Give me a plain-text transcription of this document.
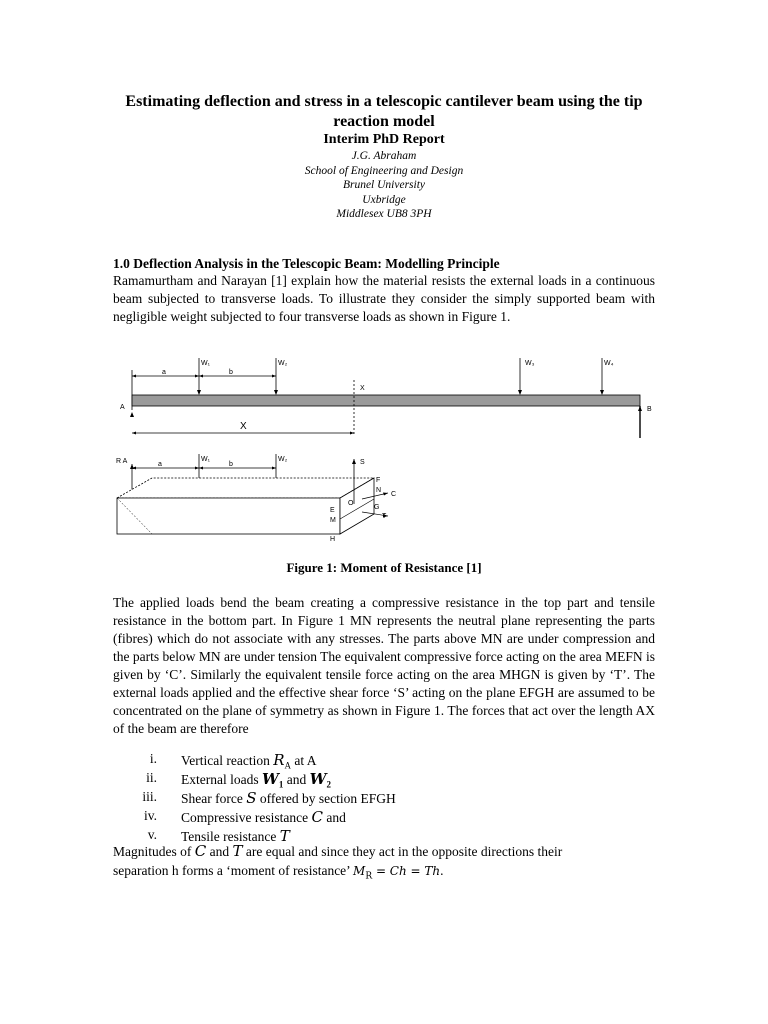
Estimating deflection and stress in a telescopic cantilever beam using the tip reaction model
Interim PhD Report
J.G. Abraham
School of Engineering and Design
Brunel University
Uxbridge
Middlesex UB8 3PH
1.0 Deflection Analysis in the Telescopic Beam: Modelling Principle
Ramamurtham and Narayan [1] explain how the material resists the external loads in a continuous beam subjected to transverse loads. To illustrate they consider the simply supported beam with negligible weight subjected to four transverse loads as shown in Figure 1.
a	b
W₁	W₂	W₃	W₄
X
A	B
X
R A	a	b
W₁	W₂	S
F
N
C
O
G
T
E
M
H
Figure 1: Moment of Resistance [1]
The applied loads bend the beam creating a compressive resistance in the top part and tensile resistance in the bottom part. In Figure 1 MN represents the neutral plane representing the parts (fibres) which do not associate with any stresses. The parts above MN are under compression and the parts below MN are under tension The equivalent compressive force acting on the area MEFN is given by ‘C’. Similarly the equivalent tensile force acting on the area MHGN is given by ‘T’. The external loads applied and the effective shear force ‘S’ acting on the plane EFGH are assumed to be concentrated on the plane of symmetry as shown in Figure 1. The forces that act over the length AX of the beam are therefore
i. Vertical reaction $R_A$ at A
ii. External loads $W_1$ and $W_2$
iii. Shear force S offered by section EFGH
iv. Compressive resistance C and
v. Tensile resistance T
Magnitudes of C and T are equal and since they act in the opposite directions their
separation h forms a ‘moment of resistance’ $M_R = Ch = Th$.
